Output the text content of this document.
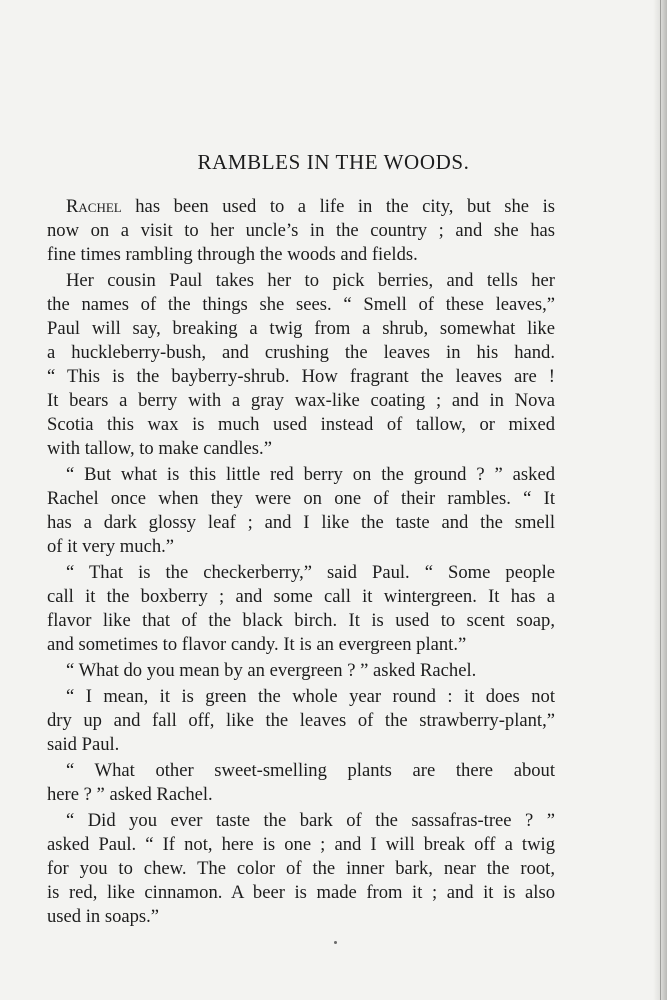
RAMBLES IN THE WOODS.
Rachel has been used to a life in the city, but she is
now on a visit to her uncle’s in the country ; and she has
fine times rambling through the woods and fields.
Her cousin Paul takes her to pick berries, and tells her
the names of the things she sees. “ Smell of these leaves,”
Paul will say, breaking a twig from a shrub, somewhat like
a huckleberry-bush, and crushing the leaves in his hand.
“ This is the bayberry-shrub. How fragrant the leaves are !
It bears a berry with a gray wax-like coating ; and in Nova
Scotia this wax is much used instead of tallow, or mixed
with tallow, to make candles.”
“ But what is this little red berry on the ground ? ” asked
Rachel once when they were on one of their rambles. “ It
has a dark glossy leaf ; and I like the taste and the smell
of it very much.”
“ That is the checkerberry,” said Paul. “ Some people
call it the boxberry ; and some call it wintergreen. It has a
flavor like that of the black birch. It is used to scent soap,
and sometimes to flavor candy. It is an evergreen plant.”
“ What do you mean by an evergreen ? ” asked Rachel.
“ I mean, it is green the whole year round : it does not
dry up and fall off, like the leaves of the strawberry-plant,”
said Paul.
“ What other sweet-smelling plants are there about
here ? ” asked Rachel.
“ Did you ever taste the bark of the sassafras-tree ? ”
asked Paul. “ If not, here is one ; and I will break off a twig
for you to chew. The color of the inner bark, near the root,
is red, like cinnamon. A beer is made from it ; and it is also
used in soaps.”
